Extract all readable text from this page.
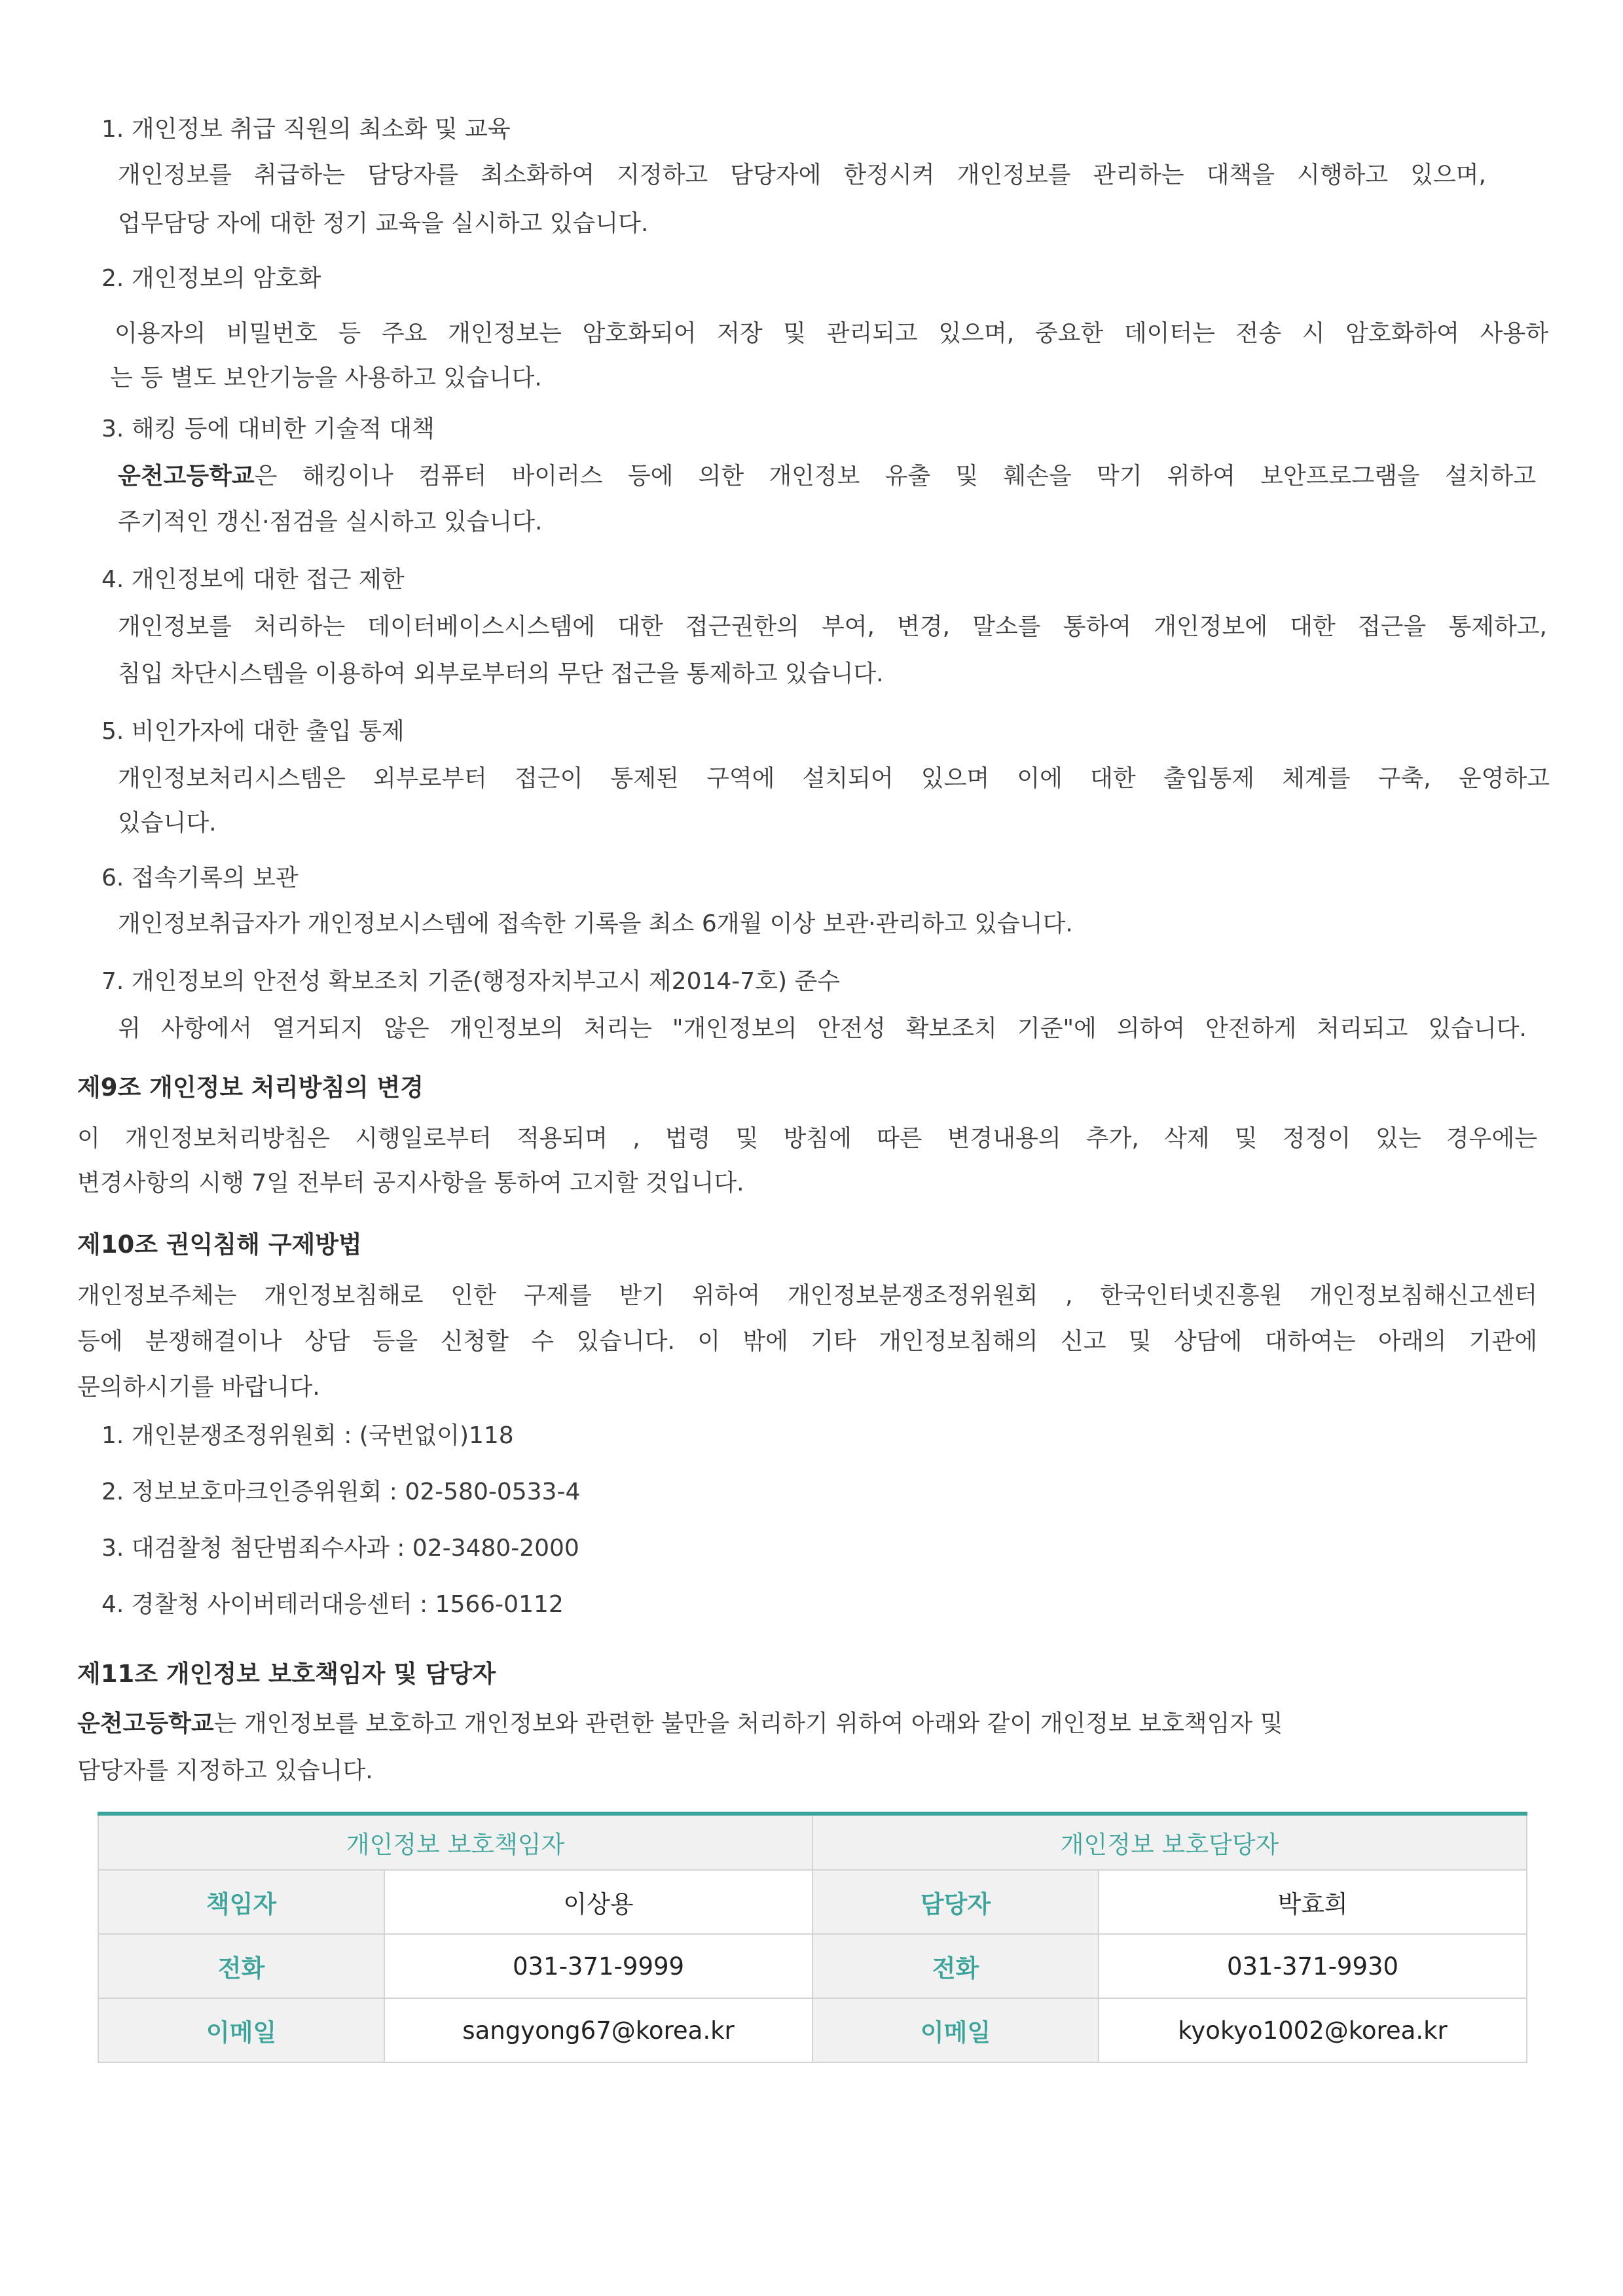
1. 개인정보 취급 직원의 최소화 및 교육
개인정보를 취급하는 담당자를 최소화하여 지정하고 담당자에 한정시켜 개인정보를 관리하는 대책을 시행하고 있으며,
업무담당 자에 대한 정기 교육을 실시하고 있습니다.
2. 개인정보의 암호화
이용자의 비밀번호 등 주요 개인정보는 암호화되어 저장 및 관리되고 있으며, 중요한 데이터는 전송 시 암호화하여 사용하
는 등 별도 보안기능을 사용하고 있습니다.
3. 해킹 등에 대비한 기술적 대책
운천고등학교은 해킹이나 컴퓨터 바이러스 등에 의한 개인정보 유출 및 훼손을 막기 위하여 보안프로그램을 설치하고
주기적인 갱신·점검을 실시하고 있습니다.
4. 개인정보에 대한 접근 제한
개인정보를 처리하는 데이터베이스시스템에 대한 접근권한의 부여, 변경, 말소를 통하여 개인정보에 대한 접근을 통제하고,
침입 차단시스템을 이용하여 외부로부터의 무단 접근을 통제하고 있습니다.
5. 비인가자에 대한 출입 통제
개인정보처리시스템은 외부로부터 접근이 통제된 구역에 설치되어 있으며 이에 대한 출입통제 체계를 구축, 운영하고
있습니다.
6. 접속기록의 보관
개인정보취급자가 개인정보시스템에 접속한 기록을 최소 6개월 이상 보관·관리하고 있습니다.
7. 개인정보의 안전성 확보조치 기준(행정자치부고시 제2014-7호) 준수
위 사항에서 열거되지 않은 개인정보의 처리는 "개인정보의 안전성 확보조치 기준"에 의하여 안전하게 처리되고 있습니다.
제9조 개인정보 처리방침의 변경
이 개인정보처리방침은 시행일로부터 적용되며 , 법령 및 방침에 따른 변경내용의 추가, 삭제 및 정정이 있는 경우에는
변경사항의 시행 7일 전부터 공지사항을 통하여 고지할 것입니다.
제10조 권익침해 구제방법
개인정보주체는 개인정보침해로 인한 구제를 받기 위하여 개인정보분쟁조정위원회 , 한국인터넷진흥원 개인정보침해신고센터
등에 분쟁해결이나 상담 등을 신청할 수 있습니다. 이 밖에 기타 개인정보침해의 신고 및 상담에 대하여는 아래의 기관에
문의하시기를 바랍니다.
1. 개인분쟁조정위원회 : (국번없이)118
2. 정보보호마크인증위원회 : 02-580-0533-4
3. 대검찰청 첨단범죄수사과 : 02-3480-2000
4. 경찰청 사이버테러대응센터 : 1566-0112
제11조 개인정보 보호책임자 및 담당자
운천고등학교는 개인정보를 보호하고 개인정보와 관련한 불만을 처리하기 위하여 아래와 같이 개인정보 보호책임자 및
담당자를 지정하고 있습니다.
개인정보 보호책임자		개인정보 보호담당자	
책임자	이상용	담당자	박효희
전화	031-371-9999	전화	031-371-9930
이메일	sangyong67@korea.kr	이메일	kyokyo1002@korea.kr
